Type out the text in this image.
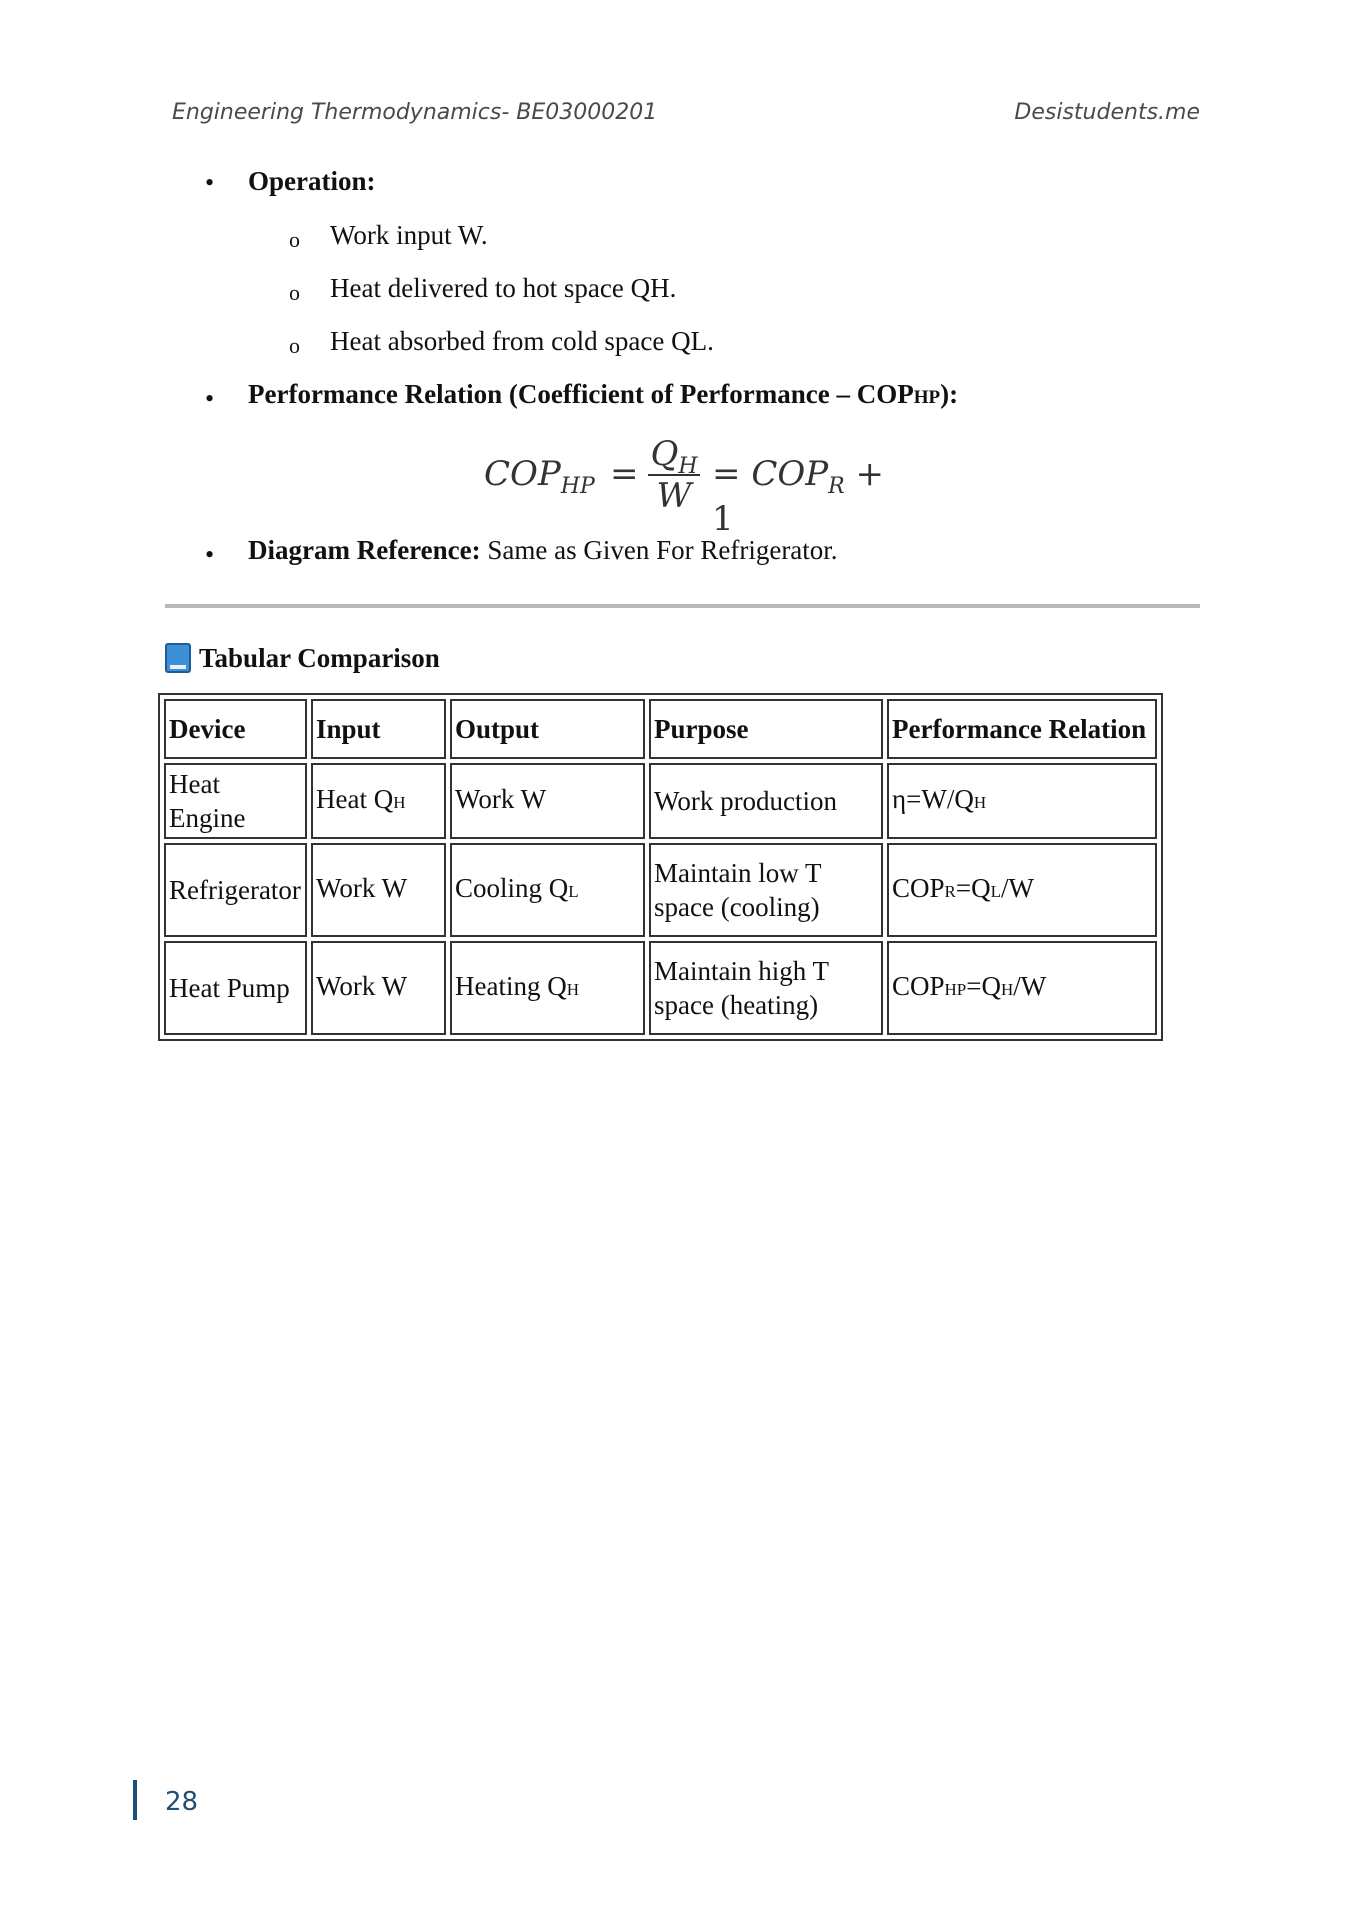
Engineering Thermodynamics- BE03000201	Desistudents.me
• Operation:
o Work input W.
o Heat delivered to hot space QH.
o Heat absorbed from cold space QL.
• Performance Relation (Coefficient of Performance – COPHP):
$COP_{HP} = Q_H$
W
= $COP_R + 1$
• Diagram Reference: Same as Given For Refrigerator.
Tabular Comparison
Device	Input	Output	Purpose	Performance Relation
Heat Engine	Heat QH	Work W	Work production	η=W/QH
Refrigerator	Work W	Cooling QL	Maintain low T space (cooling)	COPR=QL/W
Heat Pump	Work W	Heating QH	Maintain high T space (heating)	COPHP=QH/W
28
